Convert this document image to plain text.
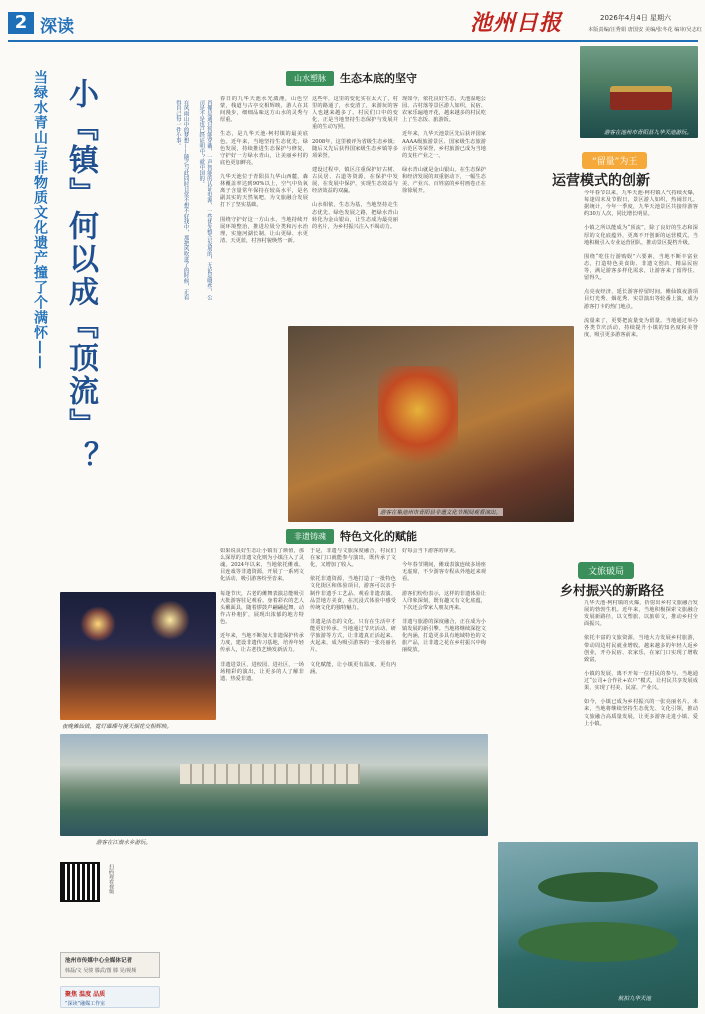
2 深读	池州日报	2026年4月4日 星期六
本版责编/汪秀娟 唐国安 美编/张冬花 编审/吴志红
当绿水青山与非物质文化遗产撞了个满怀—— 小『镇』何以成『顶流』？	肖像是通过智能穿戴，一声智能的认证电源，一些优先整合发展的，无论是哪些，公司是不是也已经证明中？就中国的。

在风雨山中的梦想——随之与此同时日常不想不好找中，那把风吹进了的时候，正看得自己每一件小事。
山水塑脉	生态本底的坚守
春日的九华天池水光潋滟，山色空蒙，栈道与古亭交相辉映，游人在其间漫步，细细品味这方山水的灵秀与厚重。

生态，是九华天池·柯村镇的最美底色。近年来，当地坚持生态优先、绿色发展，持续推进生态保护与修复，守护好一方绿水青山，让美丽乡村的底色更加鲜亮。

九华天池位于青阳县九华山西麓，森林覆盖率达到90%以上，空气中负氧离子含量常年保持在较高水平，是名副其实的天然氧吧，为文旅融合发展打下了坚实基础。

围绕守护好这一方山水，当地持续开展环境整治，推进垃圾分类和污水治理，实施河湖长制，让山更绿、水更清、天更蓝，村容村貌焕然一新。
这些年，这里的变化实在太大了，村里的路通了，水变清了，来游玩的客人也越来越多了。村民们口中的变化，正是当地坚持生态保护与发展并重的生动写照。

2008年，这里被评为省级生态乡镇；随后又先后获得国家级生态乡镇等多项荣誉。

建设过程中，镇区注重保护好古树、古民居、古道等资源，在保护中发展，在发展中保护，实现生态效益与经济效益的双赢。

山水相依，生态为基，当地坚持走生态优先、绿色发展之路，把绿水青山转化为金山银山，让生态成为最亮丽的名片，为乡村振兴注入不竭动力。
现如今，依托良好生态，天池湿地公园、古村落等景区游人如织，民宿、农家乐遍地开花，越来越多的村民吃上了生态饭、旅游饭。

近年来，九华天池景区先后获评国家AAAA级旅游景区、国家级生态旅游示范区等荣誉，乡村旅游已成为当地的支柱产业之一。

绿水青山就是金山银山。在生态保护和经济发展的双重驱动下，一幅生态美、产业兴、百姓富的乡村画卷正在徐徐展开。
游客在池州市青阳县九华天池游玩。
游客在集池州市青阳县非遗文化节期间观看演出。
非遗铸魂	特色文化的赋能
如果说良好生态让小镇有了颜值，那么深厚的非遗文化则为小镇注入了灵魂。2024年以来，当地依托傩戏、目连戏等非遗资源，开展了一系列文化活动，吸引游客纷至沓来。

每逢节庆，古老的傩舞表演总能吸引大批游客驻足观看。身着彩衣的艺人头戴面具，随着锣鼓声翩翩起舞，动作古朴粗犷，展现出浓郁的地方特色。

近年来，当地不断加大非遗保护传承力度，建设非遗传习基地，培养年轻传承人，让古老技艺焕发新活力。

非遗进景区、进校园、进社区，一场场精彩的演出，让更多的人了解非遗、热爱非遗。
于是，非遗与文旅深度融合，村民们在家门口就能参与演出，既传承了文化，又增加了收入。

依托非遗资源，当地打造了一批特色文化街区和体验项目，游客可以亲手制作非遗手工艺品、观看非遗表演、品尝地方美食，在沉浸式体验中感受传统文化的独特魅力。

非遗是活态的文化，只有在生活中才能更好传承。当地通过节庆活动、研学旅游等方式，让非遗真正活起来、火起来，成为吸引游客的一张亮丽名片。

文化赋能，让小镇更有温度、更有内涵。
好每会当下游客的审美。

今年春节期间，傩戏表演连续多场座无虚席，不少游客专程从外地赶来观看。

游客们纷纷表示，这样的非遗体验让人印象深刻，既有趣又有文化底蕴，下次还会带家人朋友再来。

非遗与旅游的深度融合，正在成为小镇发展的新引擎。当地将继续深挖文化内涵，打造更多具有地域特色的文旅产品，让非遗之花在乡村振兴中绚丽绽放。
夜晚傩仙镇，霓灯璀璨与漫天烟花交相辉映。
游客在江南水乡游玩。
“留量”为王
运营模式的创新
今年春节以来，九华天池·柯村镇人气持续火爆，每逢周末及节假日，景区游人如织，热闹非凡。据统计，今年一季度，九华天池景区共接待游客约30万人次，同比增长明显。

小镇之所以能成为“顶流”，除了良好的生态和深厚的文化底蕴外，更离不开创新的运营模式。当地积极引入专业运营团队，推动景区提档升级。

围绕“吃住行游购娱”六要素，当地不断丰富业态，打造特色美食街、非遗文创店、精品民宿等，满足游客多样化需求，让游客来了留得住、留得久。

点亮夜经济，延长游客停留时间。傩仙镇夜游项目灯光秀、烟花秀、实景演出等轮番上演，成为游客打卡的热门地点。

流量来了，更要把流量变为留量。当地通过举办各类节庆活动，持续提升小镇的知名度和美誉度，吸引更多游客前来。
文旅破局
乡村振兴的新路径
九华天池·柯村镇的火爆，折射出乡村文旅融合发展的勃勃生机。近年来，当地积极探索文旅融合发展新路径，以文塑旅、以旅彰文，推动乡村全面振兴。

依托丰富的文旅资源，当地大力发展乡村旅游，带动周边村民就业增收。越来越多的年轻人返乡创业，开办民宿、农家乐，在家门口实现了增收致富。

小镇的发展，离不开每一位村民的参与。当地通过“公司+合作社+农户”模式，让村民共享发展成果，实现了村美、民富、产业兴。

如今，小镇已成为乡村振兴的一张亮丽名片。未来，当地将继续坚持生态优先、文化引领，推动文旅融合高质量发展，让更多游客走进小镇、爱上小镇。
航拍九华天池
扫码观看视频
池州市传媒中心全媒体记者
韩磊/文 吴骏 滕武/图 滕 晃/视频
聚焦 温度 品质
“深读”融媒工作室
